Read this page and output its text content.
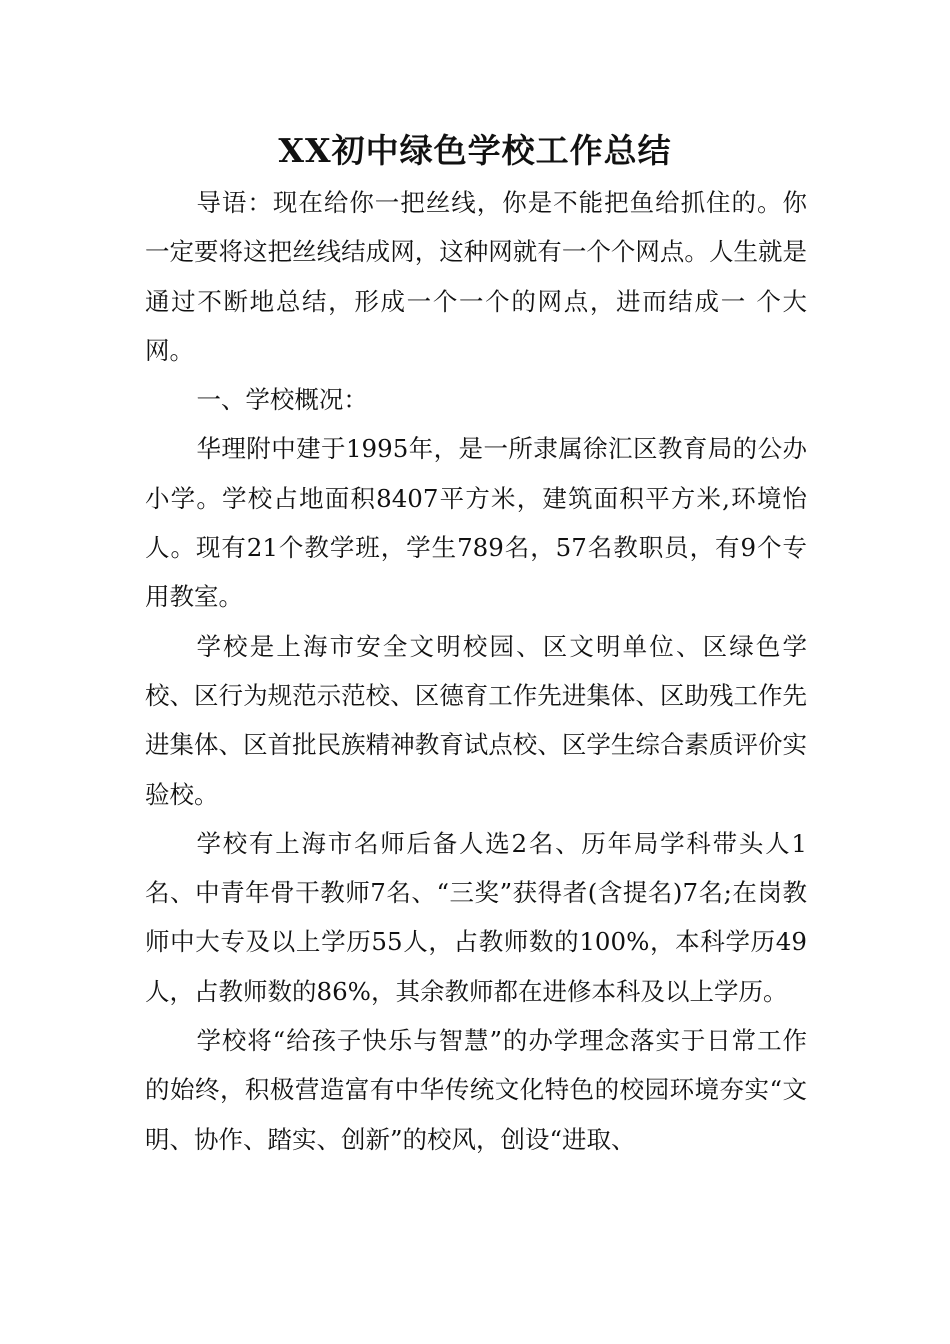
XX初中绿色学校工作总结

导语：现在给你一把丝线，你是不能把鱼给抓住的。你一定要将这把丝线结成网，这种网就有一个个网点。人生就是通过不断地总结，形成一个一个的网点，进而结成一 个大网。

一、学校概况：

华理附中建于1995年，是一所隶属徐汇区教育局的公办小学。学校占地面积8407平方米，建筑面积平方米,环境怡人。现有21个教学班，学生789名，57名教职员，有9个专用教室。

学校是上海市安全文明校园、区文明单位、区绿色学校、区行为规范示范校、区德育工作先进集体、区助残工作先进集体、区首批民族精神教育试点校、区学生综合素质评价实验校。

学校有上海市名师后备人选2名、历年局学科带头人1名、中青年骨干教师7名、“三奖”获得者(含提名)7名;在岗教师中大专及以上学历55人，占教师数的100%，本科学历49人，占教师数的86%，其余教师都在进修本科及以上学历。

学校将“给孩子快乐与智慧”的办学理念落实于日常工作的始终，积极营造富有中华传统文化特色的校园环境夯实“文明、协作、踏实、创新”的校风，创设“进取、
